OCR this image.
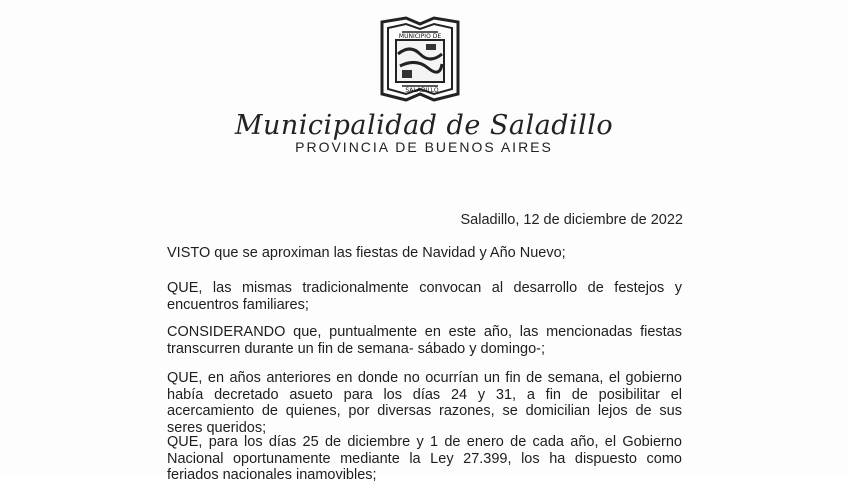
MUNICIPIO DE
SALADILLO
Municipalidad de Saladillo
PROVINCIA DE BUENOS AIRES
Saladillo, 12 de diciembre de 2022
VISTO que se aproximan las fiestas de Navidad y Año Nuevo;
QUE, las mismas tradicionalmente convocan al desarrollo de festejos y encuentros familiares;
CONSIDERANDO que, puntualmente en este año, las mencionadas fiestas transcurren durante un fin de semana- sábado y domingo-;
QUE, en años anteriores en donde no ocurrían un fin de semana, el gobierno había decretado asueto para los días 24 y 31, a fin de posibilitar el acercamiento de quienes, por diversas razones, se domicilian lejos de sus seres queridos;
QUE, para los días 25 de diciembre y 1 de enero de cada año, el Gobierno Nacional oportunamente mediante la Ley 27.399, los ha dispuesto como feriados nacionales inamovibles;
